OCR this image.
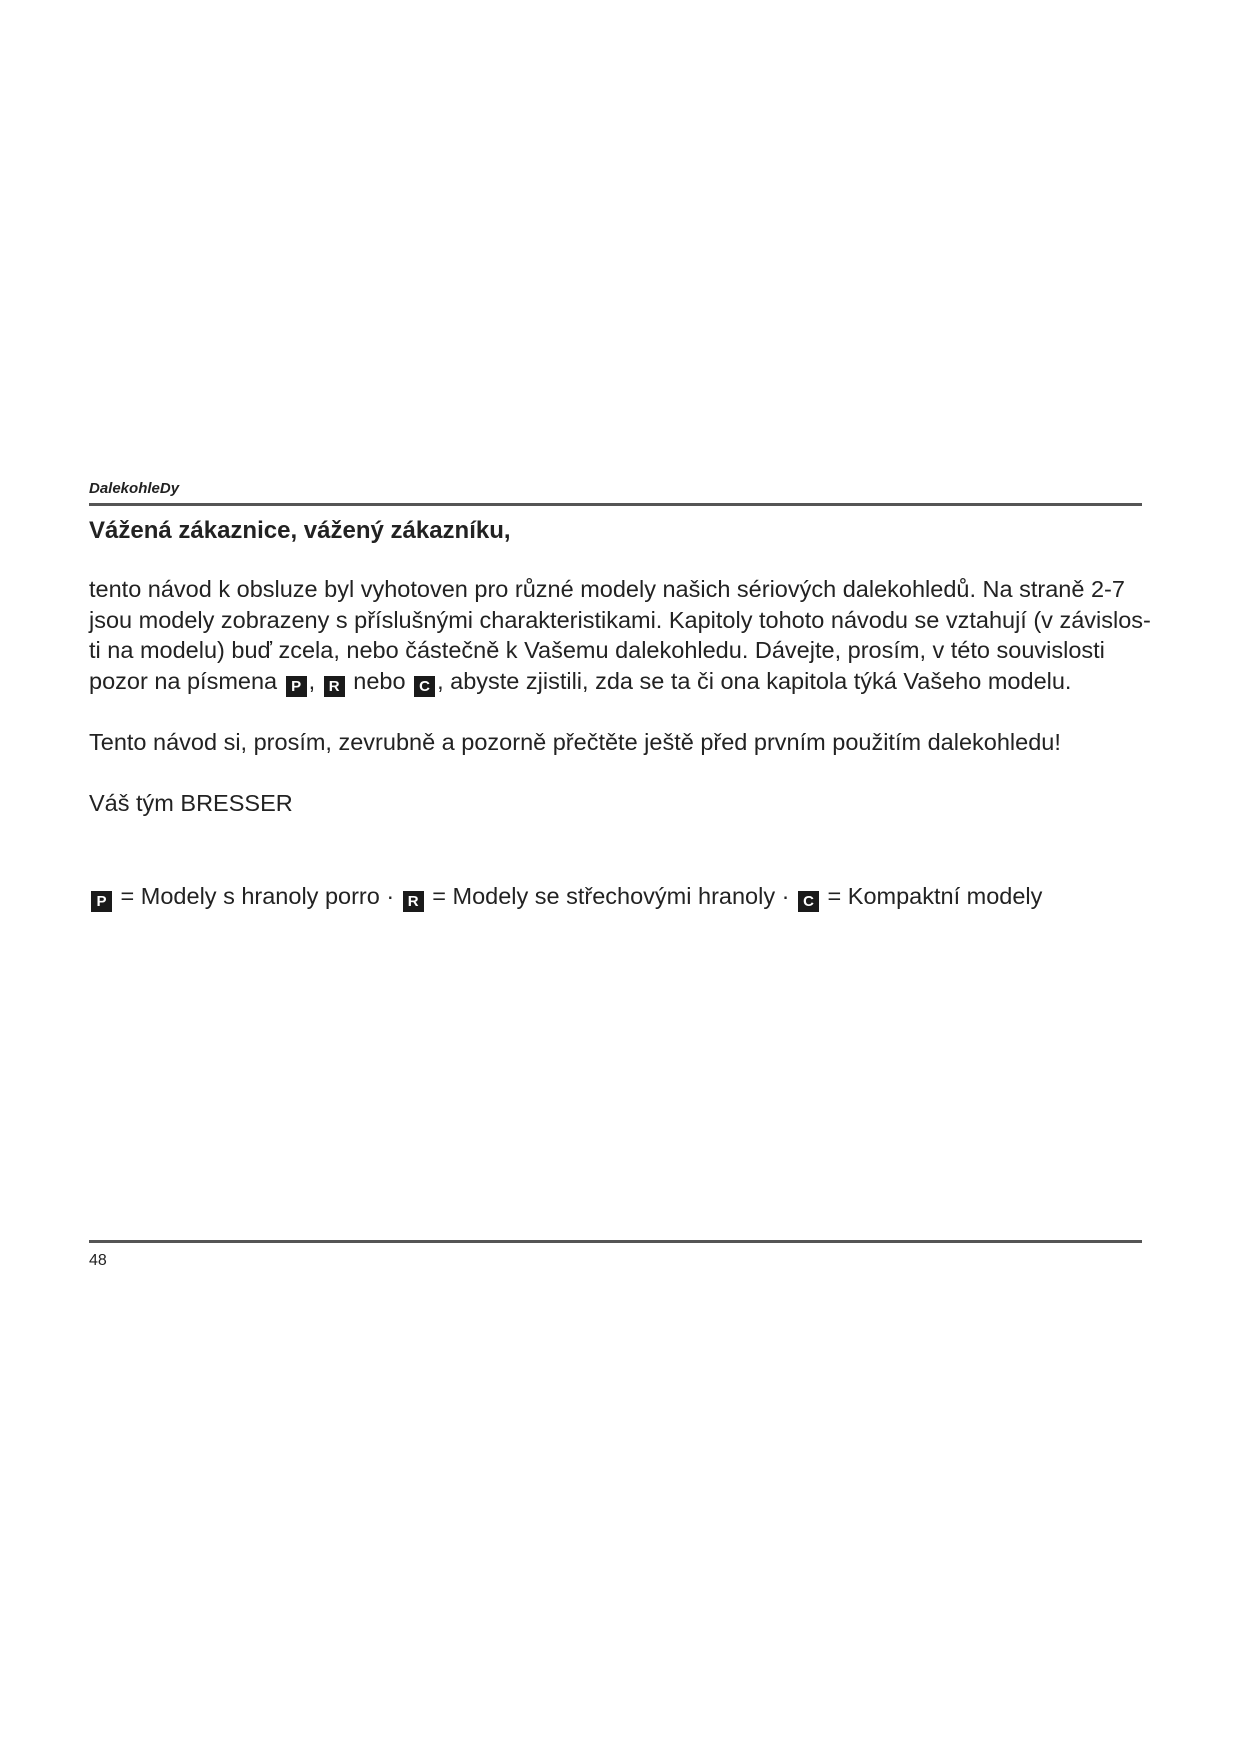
DalekohleDy
Vážená zákaznice, vážený zákazníku,

tento návod k obsluze byl vyhotoven pro různé modely našich sériových dalekohledů. Na straně 2-7
jsou modely zobrazeny s příslušnými charakteristikami. Kapitoly tohoto návodu se vztahují (v závislos-
ti na modelu) buď zcela, nebo částečně k Vašemu dalekohledu. Dávejte, prosím, v této souvislosti
pozor na písmena P , R nebo C , abyste zjistili, zda se ta či ona kapitola týká Vašeho modelu.

Tento návod si, prosím, zevrubně a pozorně přečtěte ještě před prvním použitím dalekohledu!

Váš tým BRESSER

P = Modely s hranoly porro · R = Modely se střechovými hranoly · C = Kompaktní modely

48
